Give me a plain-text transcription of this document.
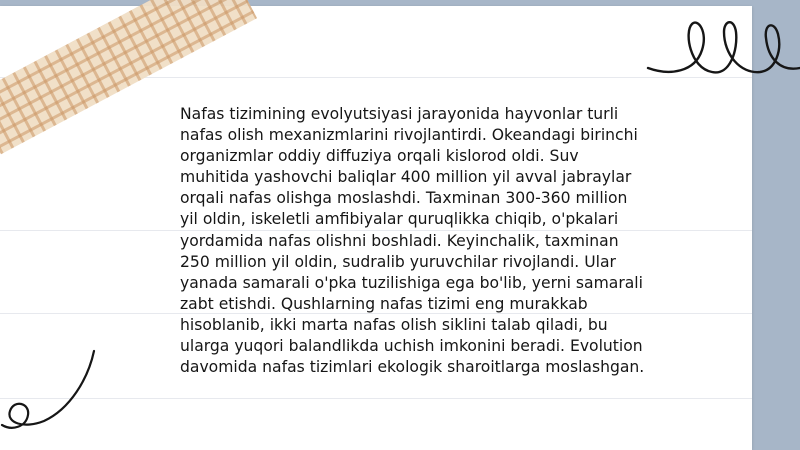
Nafas tizimining evolyutsiyasi jarayonida hayvonlar turli nafas olish mexanizmlarini rivojlantirdi. Okeandagi birinchi organizmlar oddiy diffuziya orqali kislorod oldi. Suv muhitida yashovchi baliqlar 400 million yil avval jabraylar orqali nafas olishga moslashdi. Taxminan 300-360 million yil oldin, iskeletli amfibiyalar quruqlikka chiqib, o'pkalari yordamida nafas olishni boshladi. Keyinchalik, taxminan 250 million yil oldin, sudralib yuruvchilar rivojlandi. Ular yanada samarali o'pka tuzilishiga ega bo'lib, yerni samarali zabt etishdi. Qushlarning nafas tizimi eng murakkab hisoblanib, ikki marta nafas olish siklini talab qiladi, bu ularga yuqori balandlikda uchish imkonini beradi. Evolution davomida nafas tizimlari ekologik sharoitlarga moslashgan.
